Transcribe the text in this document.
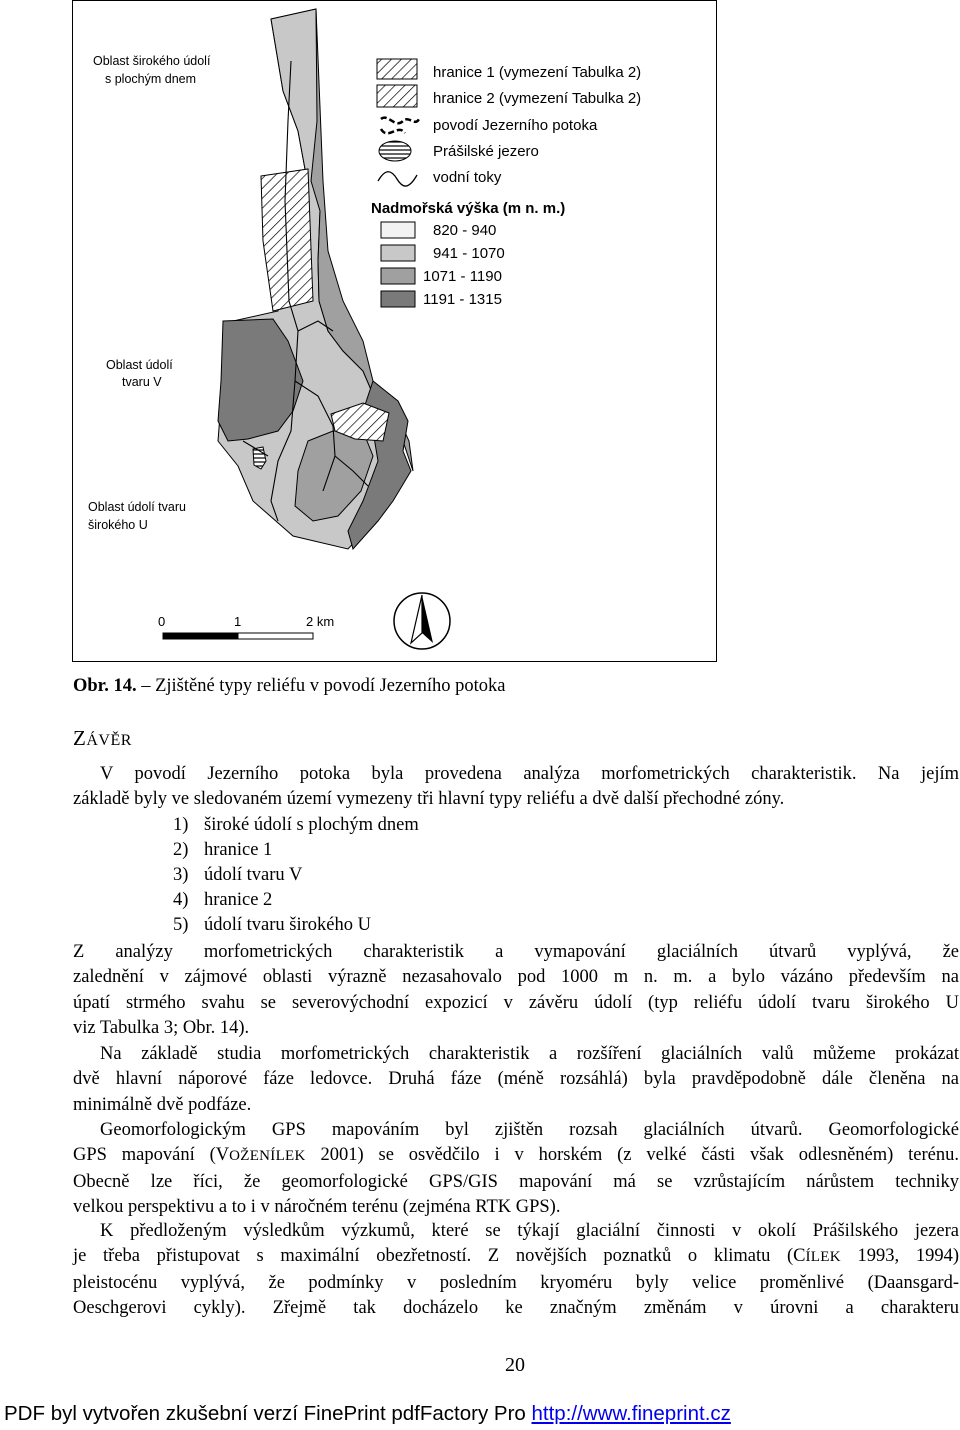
Oblast širokého údolí
s plochým dnem
Oblast údolí
tvaru V
Oblast údolí tvaru
širokého U
hranice 1 (vymezení Tabulka 2)
hranice 2 (vymezení Tabulka 2)
povodí Jezerního potoka
Prášilské jezero
vodní toky
Nadmořská výška (m n. m.)
820 - 940
941 - 1070
1071 - 1190
1191 - 1315
0	1	2 km
Obr. 14. – Zjištěné typy reliéfu v povodí Jezerního potoka
ZÁVĚR

V povodí Jezerního potoka byla provedena analýza morfometrických charakteristik. Na jejím

základě byly ve sledovaném území vymezeny tři hlavní typy reliéfu a dvě další přechodné zóny.

1) široké údolí s plochým dnem
2) hranice 1
3) údolí tvaru V
4) hranice 2
5) údolí tvaru širokého U

Z analýzy morfometrických charakteristik a vymapování glaciálních útvarů vyplývá, že

zalednění v zájmové oblasti výrazně nezasahovalo pod 1000 m n. m. a bylo vázáno především na

úpatí strmého svahu se severovýchodní expozicí v závěru údolí (typ reliéfu údolí tvaru širokého U

viz Tabulka 3; Obr. 14).

Na základě studia morfometrických charakteristik a rozšíření glaciálních valů můžeme prokázat

dvě hlavní náporové fáze ledovce. Druhá fáze (méně rozsáhlá) byla pravděpodobně dále členěna na

minimálně dvě podfáze.

Geomorfologickým GPS mapováním byl zjištěn rozsah glaciálních útvarů. Geomorfologické

GPS mapování (VOŽENÍLEK 2001) se osvědčilo i v horském (z velké části však odlesněném) terénu.

Obecně lze říci, že geomorfologické GPS/GIS mapování má se vzrůstajícím nárůstem techniky

velkou perspektivu a to i v náročném terénu (zejména RTK GPS).

K předloženým výsledkům výzkumů, které se týkají glaciální činnosti v okolí Prášilského jezera

je třeba přistupovat s maximální obezřetností. Z novějších poznatků o klimatu (CÍLEK 1993, 1994)

pleistocénu vyplývá, že podmínky v posledním kryoméru byly velice proměnlivé (Daansgard-

Oeschgerovi cykly). Zřejmě tak docházelo ke značným změnám v úrovni a charakteru

20
PDF byl vytvořen zkušební verzí FinePrint pdfFactory Pro http://www.fineprint.cz
